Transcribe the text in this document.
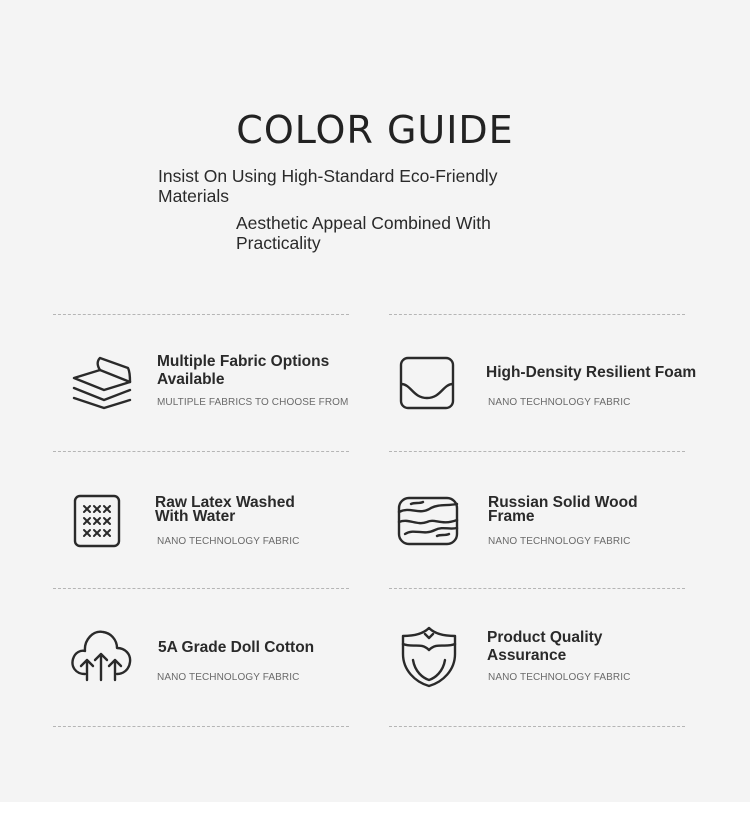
COLOR GUIDE
Insist On Using High-Standard Eco-Friendly Materials
Aesthetic Appeal Combined With Practicality
Multiple Fabric Options Available
MULTIPLE FABRICS TO CHOOSE FROM
High-Density Resilient Foam
NANO TECHNOLOGY FABRIC
Raw Latex Washed With Water
NANO TECHNOLOGY FABRIC
Russian Solid Wood Frame
NANO TECHNOLOGY FABRIC
5A Grade Doll Cotton
NANO TECHNOLOGY FABRIC
Product Quality Assurance
NANO TECHNOLOGY FABRIC
